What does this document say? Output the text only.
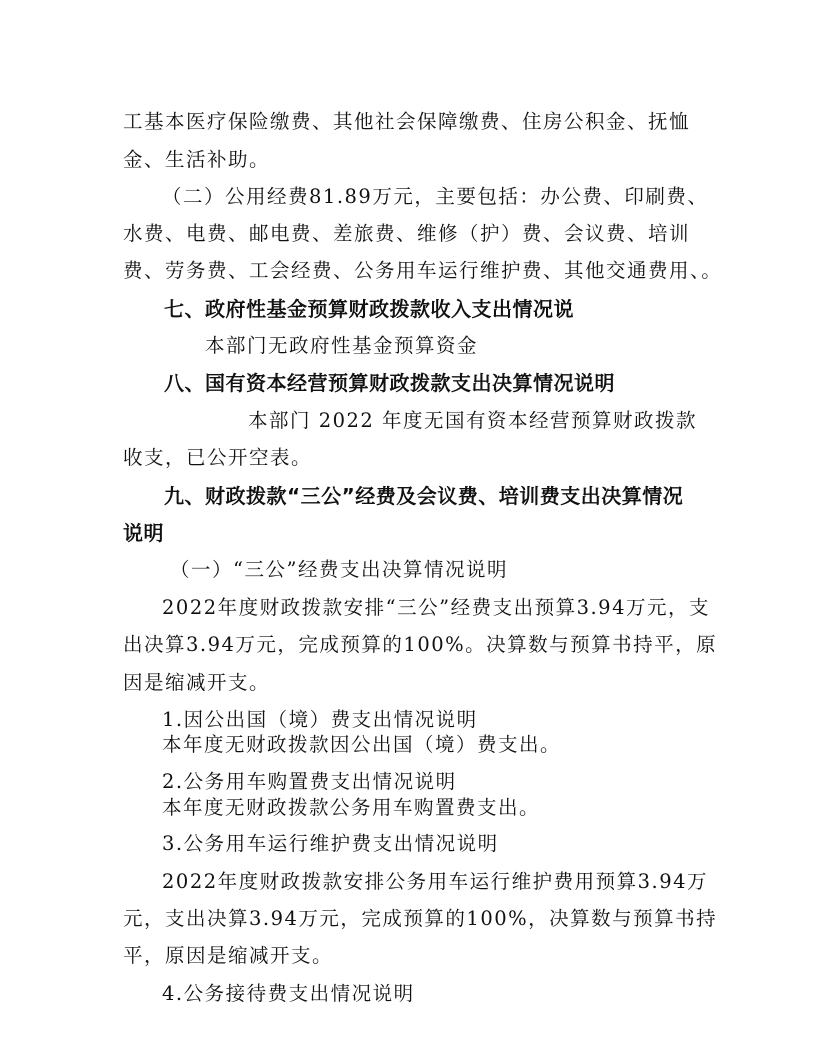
工基本医疗保险缴费、其他社会保障缴费、住房公积金、抚恤
金、生活补助。
（二）公用经费81.89万元，主要包括：办公费、印刷费、
水费、电费、邮电费、差旅费、维修（护）费、会议费、培训
费、劳务费、工会经费、公务用车运行维护费、其他交通费用、。
七、政府性基金预算财政拨款收入支出情况说
本部门无政府性基金预算资金
八、国有资本经营预算财政拨款支出决算情况说明
本部门 2022 年度无国有资本经营预算财政拨款
收支，已公开空表。
九、财政拨款“三公”经费及会议费、培训费支出决算情况
说明
（一）“三公”经费支出决算情况说明
2022年度财政拨款安排“三公”经费支出预算3.94万元，支
出决算3.94万元，完成预算的100%。决算数与预算书持平，原
因是缩减开支。
1.因公出国（境）费支出情况说明
本年度无财政拨款因公出国（境）费支出。
2.公务用车购置费支出情况说明
本年度无财政拨款公务用车购置费支出。
3.公务用车运行维护费支出情况说明
2022年度财政拨款安排公务用车运行维护费用预算3.94万
元，支出决算3.94万元，完成预算的100%，决算数与预算书持
平，原因是缩减开支。
4.公务接待费支出情况说明
